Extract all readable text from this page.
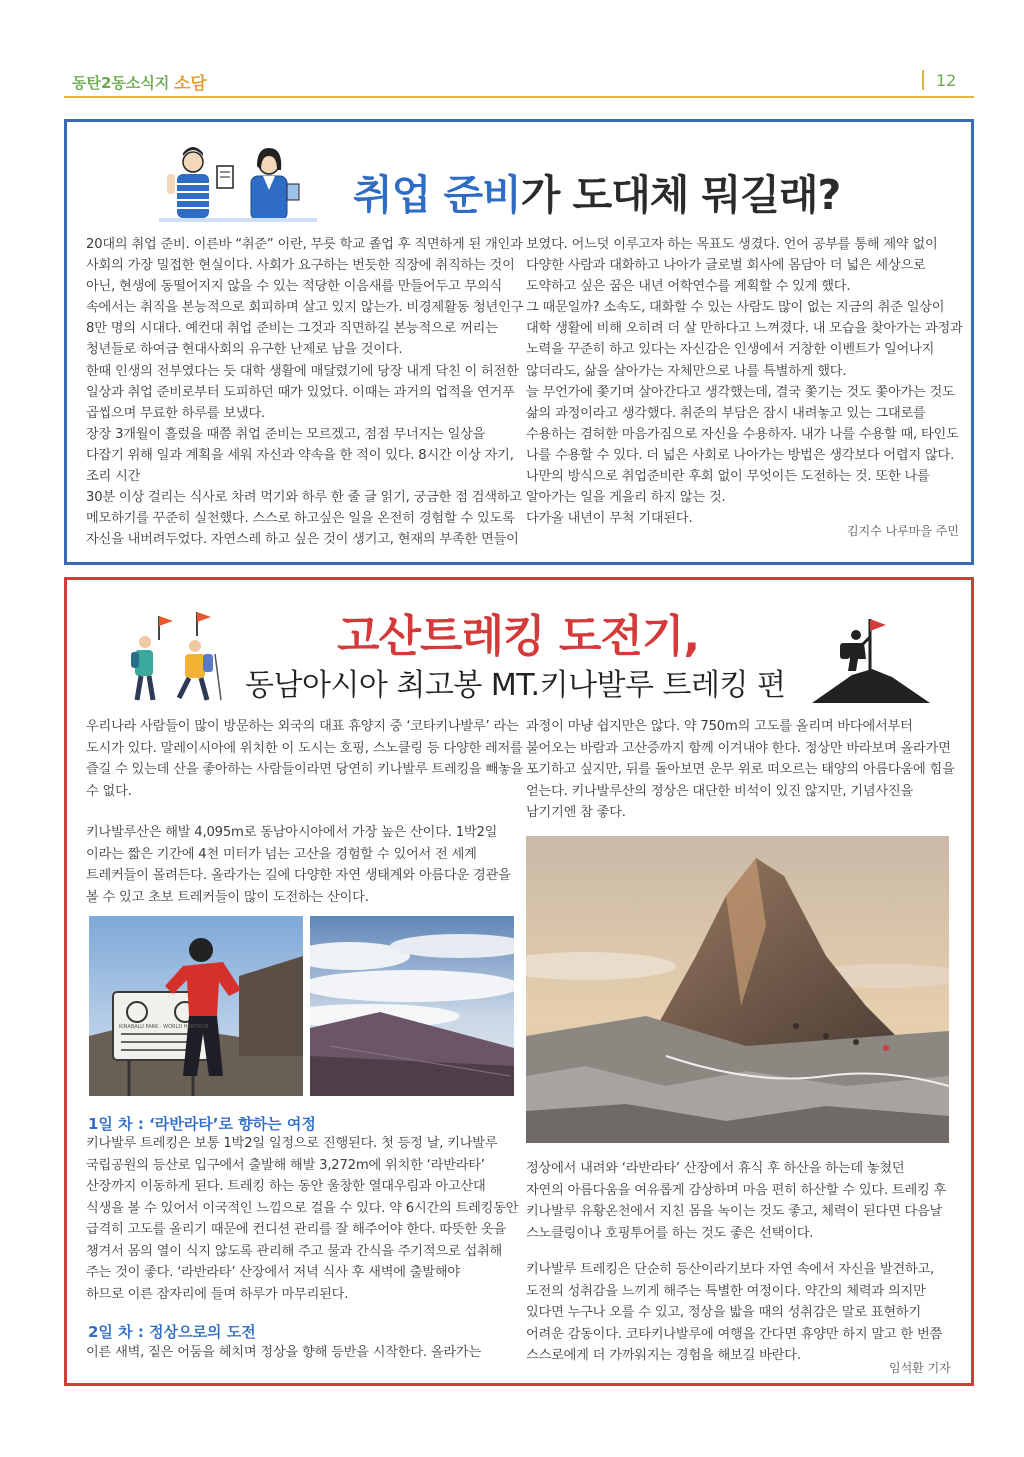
동탄2동소식지 소담	12
취업 준비가 도대체 뭐길래?
20대의 취업 준비. 이른바 “취준” 이란, 무릇 학교 졸업 후 직면하게 된 개인과
사회의 가장 밀접한 현실이다. 사회가 요구하는 번듯한 직장에 취직하는 것이
아닌, 현생에 동떨어지지 않을 수 있는 적당한 이음새를 만들어두고 무의식
속에서는 취직을 본능적으로 회피하며 살고 있지 않는가. 비경제활동 청년인구
8만 명의 시대다. 예컨대 취업 준비는 그것과 직면하길 본능적으로 꺼리는
청년들로 하여금 현대사회의 유구한 난제로 남을 것이다.
한때 인생의 전부였다는 듯 대학 생활에 매달렸기에 당장 내게 닥친 이 허전한
일상과 취업 준비로부터 도피하던 때가 있었다. 이때는 과거의 업적을 연거푸
곱씹으며 무료한 하루를 보냈다.
장장 3개월이 흘렀을 때쯤 취업 준비는 모르겠고, 점점 무너지는 일상을
다잡기 위해 일과 계획을 세워 자신과 약속을 한 적이 있다. 8시간 이상 자기,
조리 시간
30분 이상 걸리는 식사로 차려 먹기와 하루 한 줄 글 읽기, 궁금한 점 검색하고
메모하기를 꾸준히 실천했다. 스스로 하고싶은 일을 온전히 경험할 수 있도록
자신을 내버려두었다. 자연스레 하고 싶은 것이 생기고, 현재의 부족한 면들이
보였다. 어느덧 이루고자 하는 목표도 생겼다. 언어 공부를 통해 제약 없이
다양한 사람과 대화하고 나아가 글로벌 회사에 몸담아 더 넓은 세상으로
도약하고 싶은 꿈은 내년 어학연수를 계획할 수 있게 했다.
그 때문일까? 소속도, 대화할 수 있는 사람도 많이 없는 지금의 취준 일상이
대학 생활에 비해 오히려 더 살 만하다고 느껴졌다. 내 모습을 찾아가는 과정과
노력을 꾸준히 하고 있다는 자신감은 인생에서 거창한 이벤트가 일어나지
않더라도, 삶을 살아가는 자체만으로 나를 특별하게 했다.
늘 무언가에 쫓기며 살아간다고 생각했는데, 결국 쫓기는 것도 쫓아가는 것도
삶의 과정이라고 생각했다. 취준의 부담은 잠시 내려놓고 있는 그대로를
수용하는 겸허한 마음가짐으로 자신을 수용하자. 내가 나를 수용할 때, 타인도
나를 수용할 수 있다. 더 넓은 사회로 나아가는 방법은 생각보다 어렵지 않다.
나만의 방식으로 취업준비란 후회 없이 무엇이든 도전하는 것. 또한 나를
알아가는 일을 게을리 하지 않는 것.
다가올 내년이 무척 기대된다.
김지수 나루마을 주민
고산트레킹 도전기,
동남아시아 최고봉 MT.키나발루 트레킹 편
우리나라 사람들이 많이 방문하는 외국의 대표 휴양지 중 ‘코타키나발루’ 라는
도시가 있다. 말레이시아에 위치한 이 도시는 호핑, 스노클링 등 다양한 레저를
즐길 수 있는데 산을 좋아하는 사람들이라면 당연히 키나발루 트레킹을 빼놓을
수 없다.
키나발루산은 해발 4,095m로 동남아시아에서 가장 높은 산이다. 1박2일
이라는 짧은 기간에 4천 미터가 넘는 고산을 경험할 수 있어서 전 세계
트레커들이 몰려든다. 올라가는 길에 다양한 자연 생태계와 아름다운 경관을
볼 수 있고 초보 트레커들이 많이 도전하는 산이다.
KINABALU PARK · WORLD HERITAGE
1일 차 : ‘라반라타’로 향하는 여정
키나발루 트레킹은 보통 1박2일 일정으로 진행된다. 첫 등정 날, 키나발루
국립공원의 등산로 입구에서 출발해 해발 3,272m에 위치한 ‘라반라타’
산장까지 이동하게 된다. 트레킹 하는 동안 울창한 열대우림과 아고산대
식생을 볼 수 있어서 이국적인 느낌으로 걸을 수 있다. 약 6시간의 트레킹동안
급격히 고도를 올리기 때문에 컨디션 관리를 잘 해주어야 한다. 따뜻한 옷을
챙겨서 몸의 열이 식지 않도록 관리해 주고 물과 간식을 주기적으로 섭취해
주는 것이 좋다. ‘라반라타’ 산장에서 저녁 식사 후 새벽에 출발해야
하므로 이른 잠자리에 들며 하루가 마무리된다.
2일 차 : 정상으로의 도전
이른 새벽, 짙은 어둠을 헤치며 정상을 향해 등반을 시작한다. 올라가는
과정이 마냥 쉽지만은 않다. 약 750m의 고도를 올리며 바다에서부터
불어오는 바람과 고산증까지 함께 이겨내야 한다. 정상만 바라보며 올라가면
포기하고 싶지만, 뒤를 돌아보면 운무 위로 떠오르는 태양의 아름다움에 힘을
얻는다. 키나발루산의 정상은 대단한 비석이 있진 않지만, 기념사진을
남기기엔 참 좋다.
정상에서 내려와 ‘라반라타’ 산장에서 휴식 후 하산을 하는데 놓쳤던
자연의 아름다움을 여유롭게 감상하며 마음 편히 하산할 수 있다. 트레킹 후
키나발루 유황온천에서 지친 몸을 녹이는 것도 좋고, 체력이 된다면 다음날
스노클링이나 호핑투어를 하는 것도 좋은 선택이다.
키나발루 트레킹은 단순히 등산이라기보다 자연 속에서 자신을 발견하고,
도전의 성취감을 느끼게 해주는 특별한 여정이다. 약간의 체력과 의지만
있다면 누구나 오를 수 있고, 정상을 밟을 때의 성취감은 말로 표현하기
어려운 감동이다. 코타키나발루에 여행을 간다면 휴양만 하지 말고 한 번쯤
스스로에게 더 가까워지는 경험을 해보길 바란다.
임석환 기자
